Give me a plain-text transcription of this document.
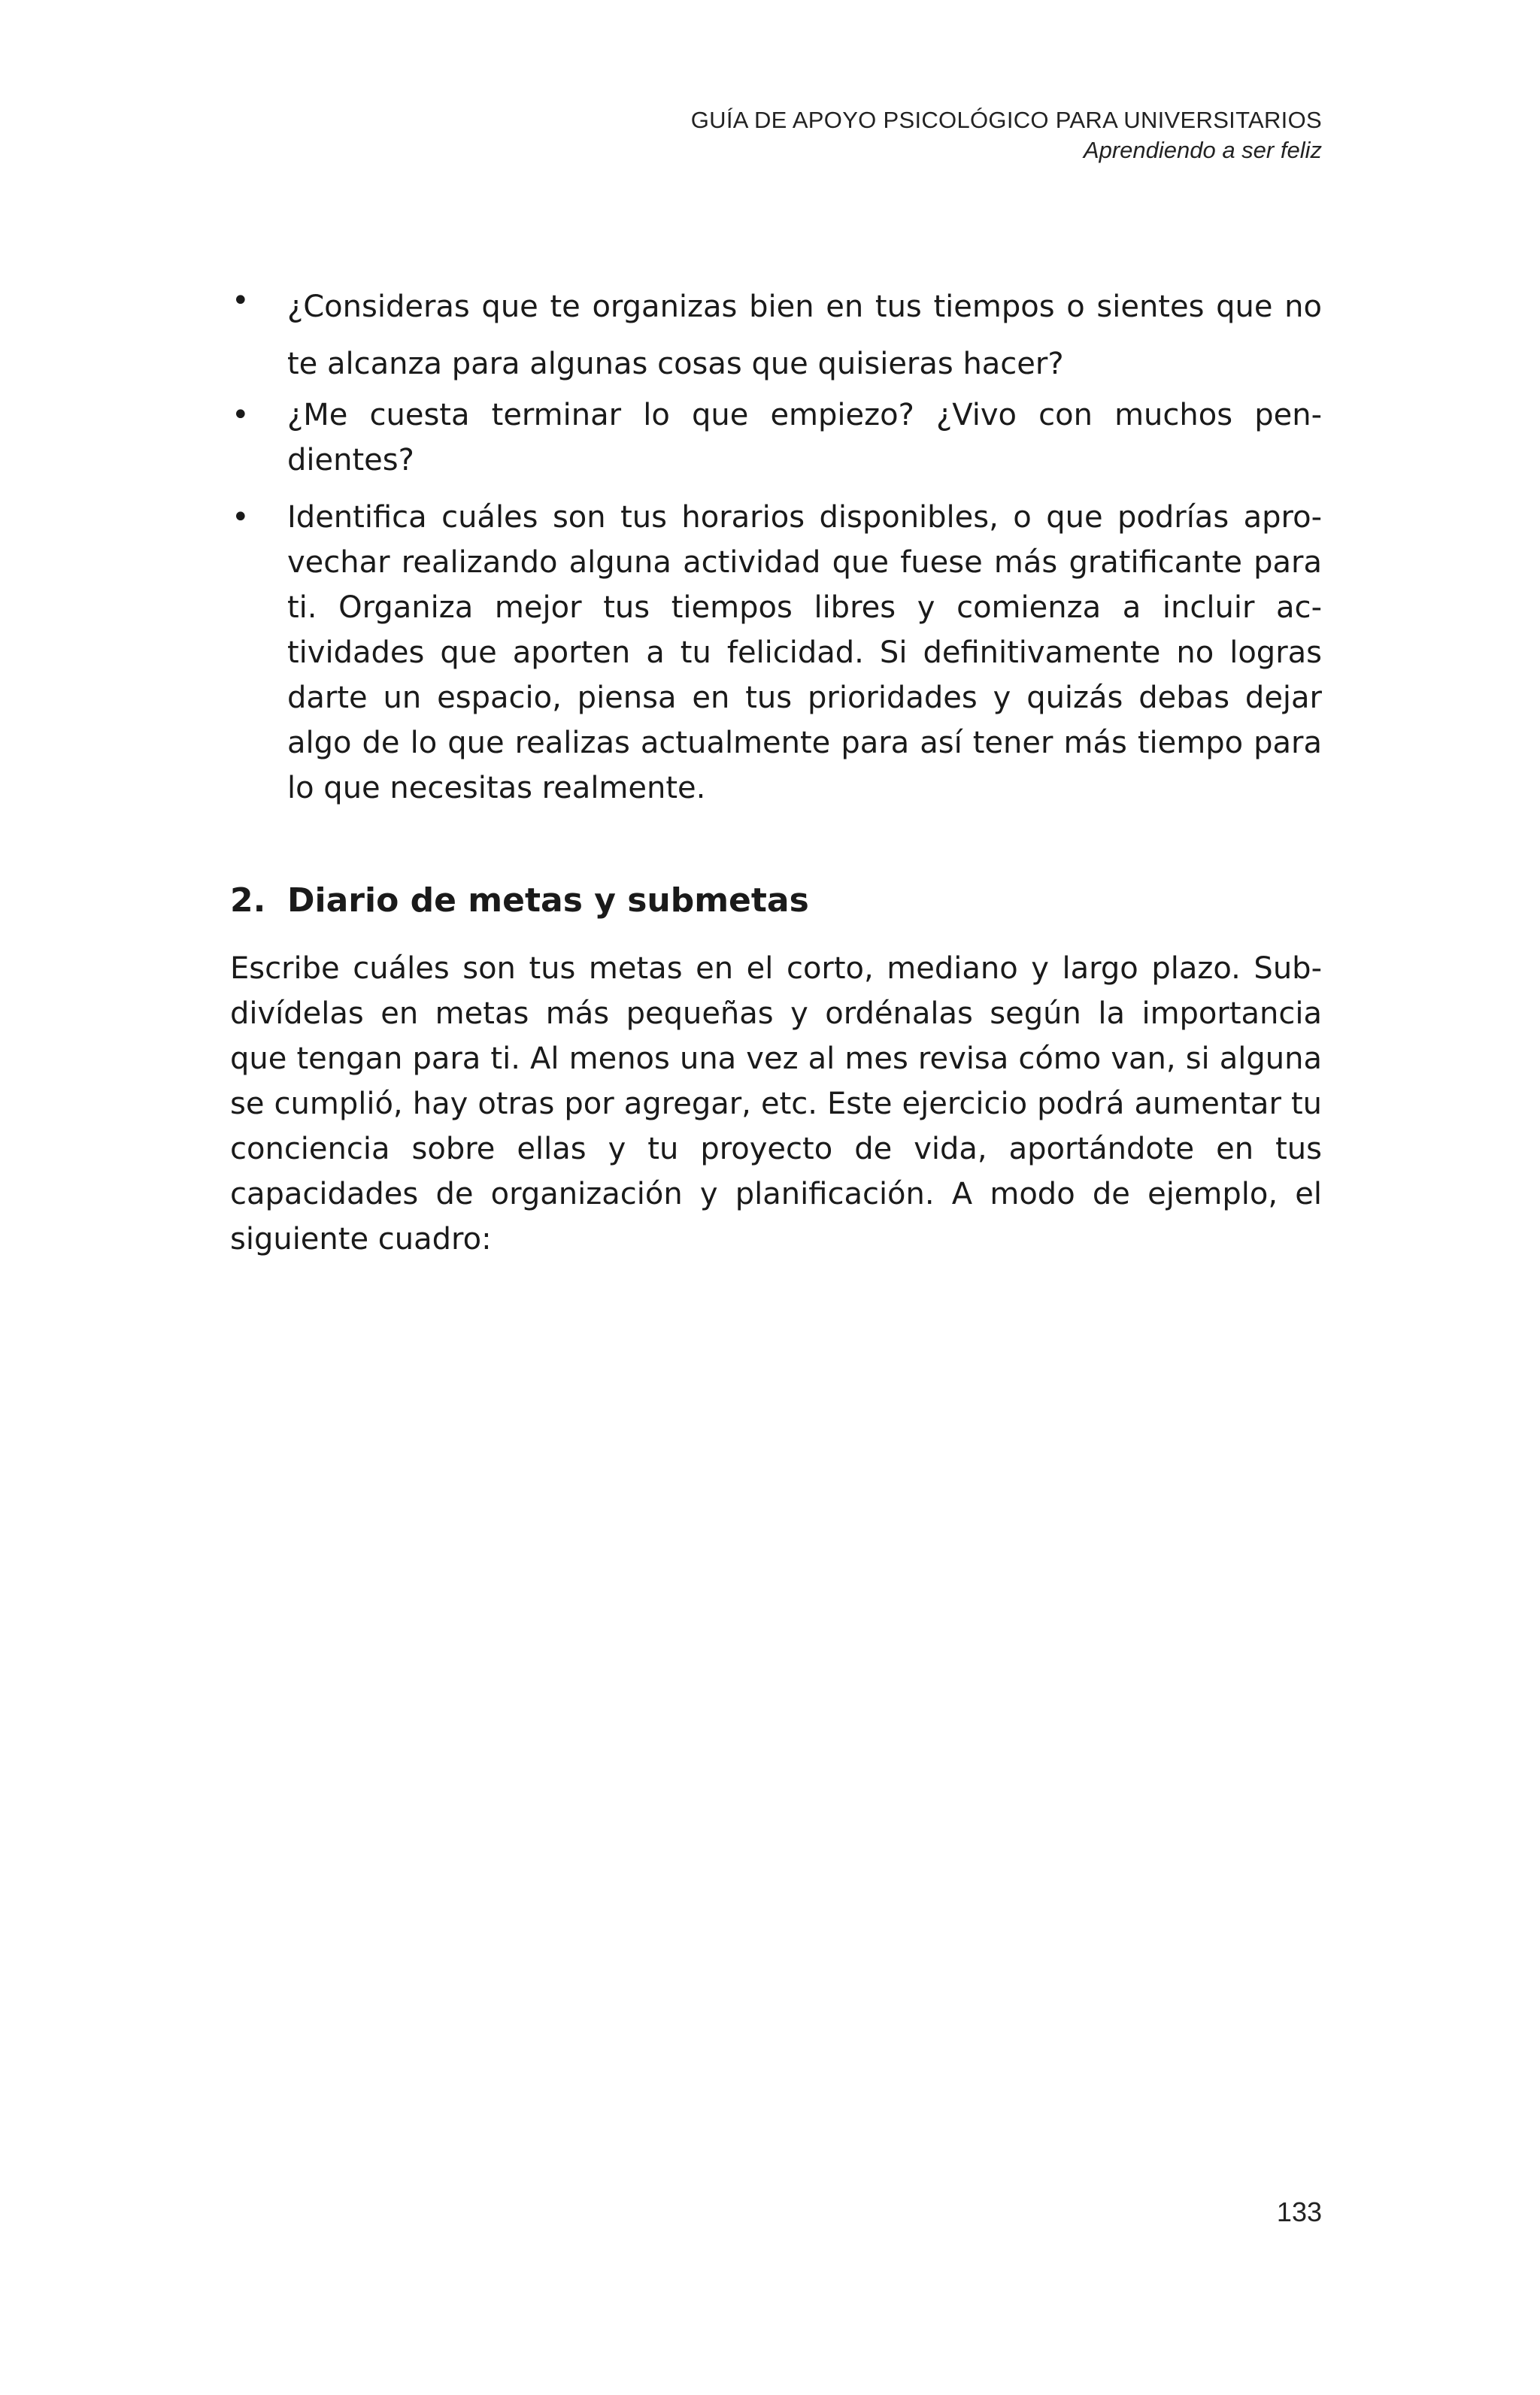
GUÍA DE APOYO PSICOLÓGICO PARA UNIVERSITARIOS
Aprendiendo a ser feliz
• ¿Consideras que te organizas bien en tus tiempos o sientes que no te alcanza para algunas cosas que quisieras hacer?
• ¿Me cuesta terminar lo que empiezo? ¿Vivo con muchos pendientes?
• Identifica cuáles son tus horarios disponibles, o que podrías aprovechar realizando alguna actividad que fuese más gratificante para ti. Organiza mejor tus tiempos libres y comienza a incluir actividades que aporten a tu felicidad. Si definitivamente no logras darte un espacio, piensa en tus prioridades y quizás debas dejar algo de lo que realizas actualmente para así tener más tiempo para lo que necesitas realmente.
2. Diario de metas y submetas

Escribe cuáles son tus metas en el corto, mediano y largo plazo. Subdivídelas en metas más pequeñas y ordénalas según la importancia que tengan para ti. Al menos una vez al mes revisa cómo van, si alguna se cumplió, hay otras por agregar, etc. Este ejercicio podrá aumentar tu conciencia sobre ellas y tu proyecto de vida, aportándote en tus capacidades de organización y planificación. A modo de ejemplo, el siguiente cuadro:

133
